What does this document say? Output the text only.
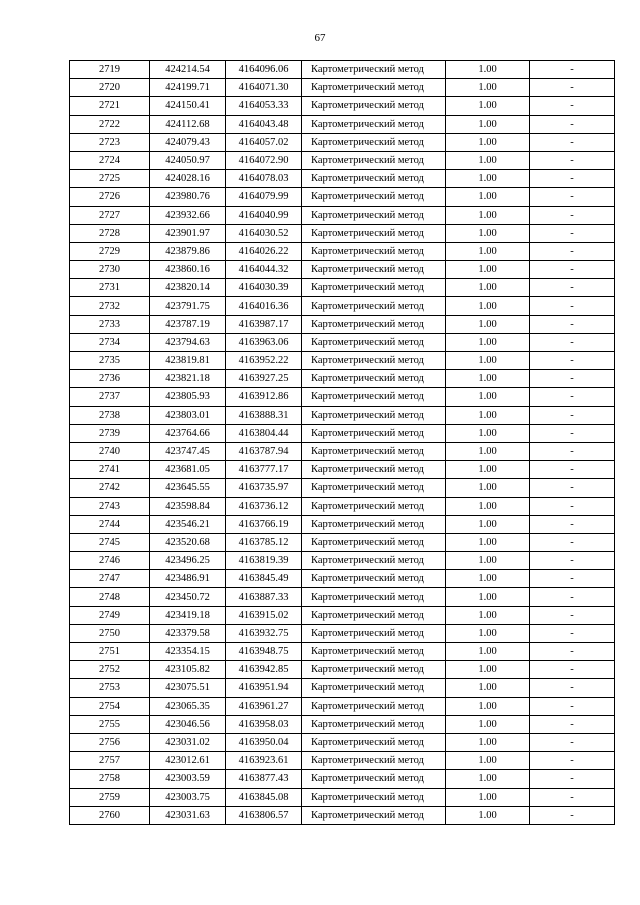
67
2719	424214.54	4164096.06	Картометрический метод	1.00	-
2720	424199.71	4164071.30	Картометрический метод	1.00	-
2721	424150.41	4164053.33	Картометрический метод	1.00	-
2722	424112.68	4164043.48	Картометрический метод	1.00	-
2723	424079.43	4164057.02	Картометрический метод	1.00	-
2724	424050.97	4164072.90	Картометрический метод	1.00	-
2725	424028.16	4164078.03	Картометрический метод	1.00	-
2726	423980.76	4164079.99	Картометрический метод	1.00	-
2727	423932.66	4164040.99	Картометрический метод	1.00	-
2728	423901.97	4164030.52	Картометрический метод	1.00	-
2729	423879.86	4164026.22	Картометрический метод	1.00	-
2730	423860.16	4164044.32	Картометрический метод	1.00	-
2731	423820.14	4164030.39	Картометрический метод	1.00	-
2732	423791.75	4164016.36	Картометрический метод	1.00	-
2733	423787.19	4163987.17	Картометрический метод	1.00	-
2734	423794.63	4163963.06	Картометрический метод	1.00	-
2735	423819.81	4163952.22	Картометрический метод	1.00	-
2736	423821.18	4163927.25	Картометрический метод	1.00	-
2737	423805.93	4163912.86	Картометрический метод	1.00	-
2738	423803.01	4163888.31	Картометрический метод	1.00	-
2739	423764.66	4163804.44	Картометрический метод	1.00	-
2740	423747.45	4163787.94	Картометрический метод	1.00	-
2741	423681.05	4163777.17	Картометрический метод	1.00	-
2742	423645.55	4163735.97	Картометрический метод	1.00	-
2743	423598.84	4163736.12	Картометрический метод	1.00	-
2744	423546.21	4163766.19	Картометрический метод	1.00	-
2745	423520.68	4163785.12	Картометрический метод	1.00	-
2746	423496.25	4163819.39	Картометрический метод	1.00	-
2747	423486.91	4163845.49	Картометрический метод	1.00	-
2748	423450.72	4163887.33	Картометрический метод	1.00	-
2749	423419.18	4163915.02	Картометрический метод	1.00	-
2750	423379.58	4163932.75	Картометрический метод	1.00	-
2751	423354.15	4163948.75	Картометрический метод	1.00	-
2752	423105.82	4163942.85	Картометрический метод	1.00	-
2753	423075.51	4163951.94	Картометрический метод	1.00	-
2754	423065.35	4163961.27	Картометрический метод	1.00	-
2755	423046.56	4163958.03	Картометрический метод	1.00	-
2756	423031.02	4163950.04	Картометрический метод	1.00	-
2757	423012.61	4163923.61	Картометрический метод	1.00	-
2758	423003.59	4163877.43	Картометрический метод	1.00	-
2759	423003.75	4163845.08	Картометрический метод	1.00	-
2760	423031.63	4163806.57	Картометрический метод	1.00	-
